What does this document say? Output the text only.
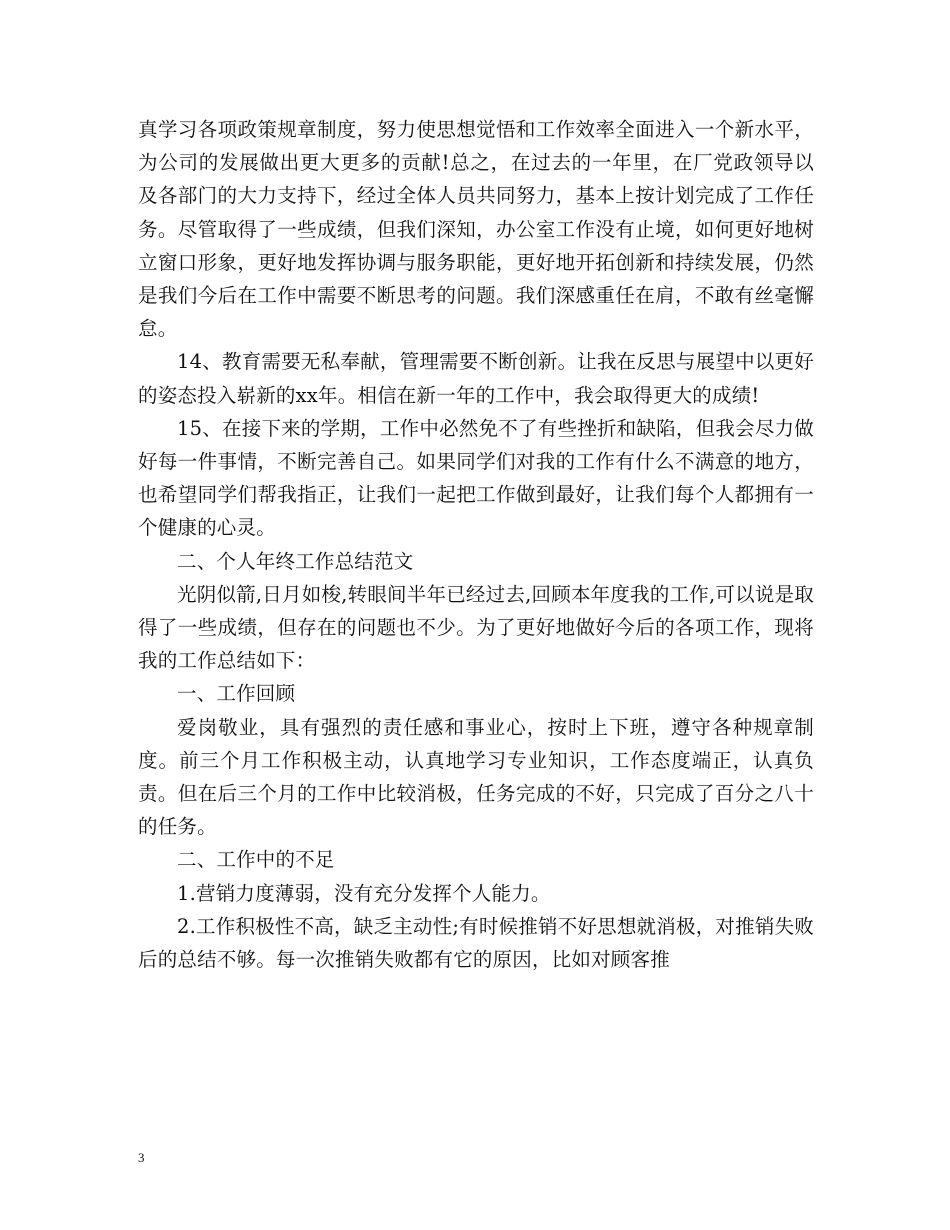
真学习各项政策规章制度，努力使思想觉悟和工作效率全面进入一个新水平，为公司的发展做出更大更多的贡献!总之，在过去的一年里，在厂党政领导以及各部门的大力支持下，经过全体人员共同努力，基本上按计划完成了工作任务。尽管取得了一些成绩，但我们深知，办公室工作没有止境，如何更好地树立窗口形象，更好地发挥协调与服务职能，更好地开拓创新和持续发展，仍然是我们今后在工作中需要不断思考的问题。我们深感重任在肩，不敢有丝毫懈怠。

14、教育需要无私奉献，管理需要不断创新。让我在反思与展望中以更好的姿态投入崭新的xx年。相信在新一年的工作中，我会取得更大的成绩!

15、在接下来的学期，工作中必然免不了有些挫折和缺陷，但我会尽力做好每一件事情，不断完善自己。如果同学们对我的工作有什么不满意的地方，也希望同学们帮我指正，让我们一起把工作做到最好，让我们每个人都拥有一个健康的心灵。

二、个人年终工作总结范文

光阴似箭,日月如梭,转眼间半年已经过去,回顾本年度我的工作,可以说是取得了一些成绩，但存在的问题也不少。为了更好地做好今后的各项工作，现将我的工作总结如下：

一、工作回顾

爱岗敬业，具有强烈的责任感和事业心，按时上下班，遵守各种规章制度。前三个月工作积极主动，认真地学习专业知识，工作态度端正，认真负责。但在后三个月的工作中比较消极，任务完成的不好，只完成了百分之八十的任务。

二、工作中的不足

1.营销力度薄弱，没有充分发挥个人能力。

2.工作积极性不高，缺乏主动性;有时候推销不好思想就消极，对推销失败后的总结不够。每一次推销失败都有它的原因，比如对顾客推

3
